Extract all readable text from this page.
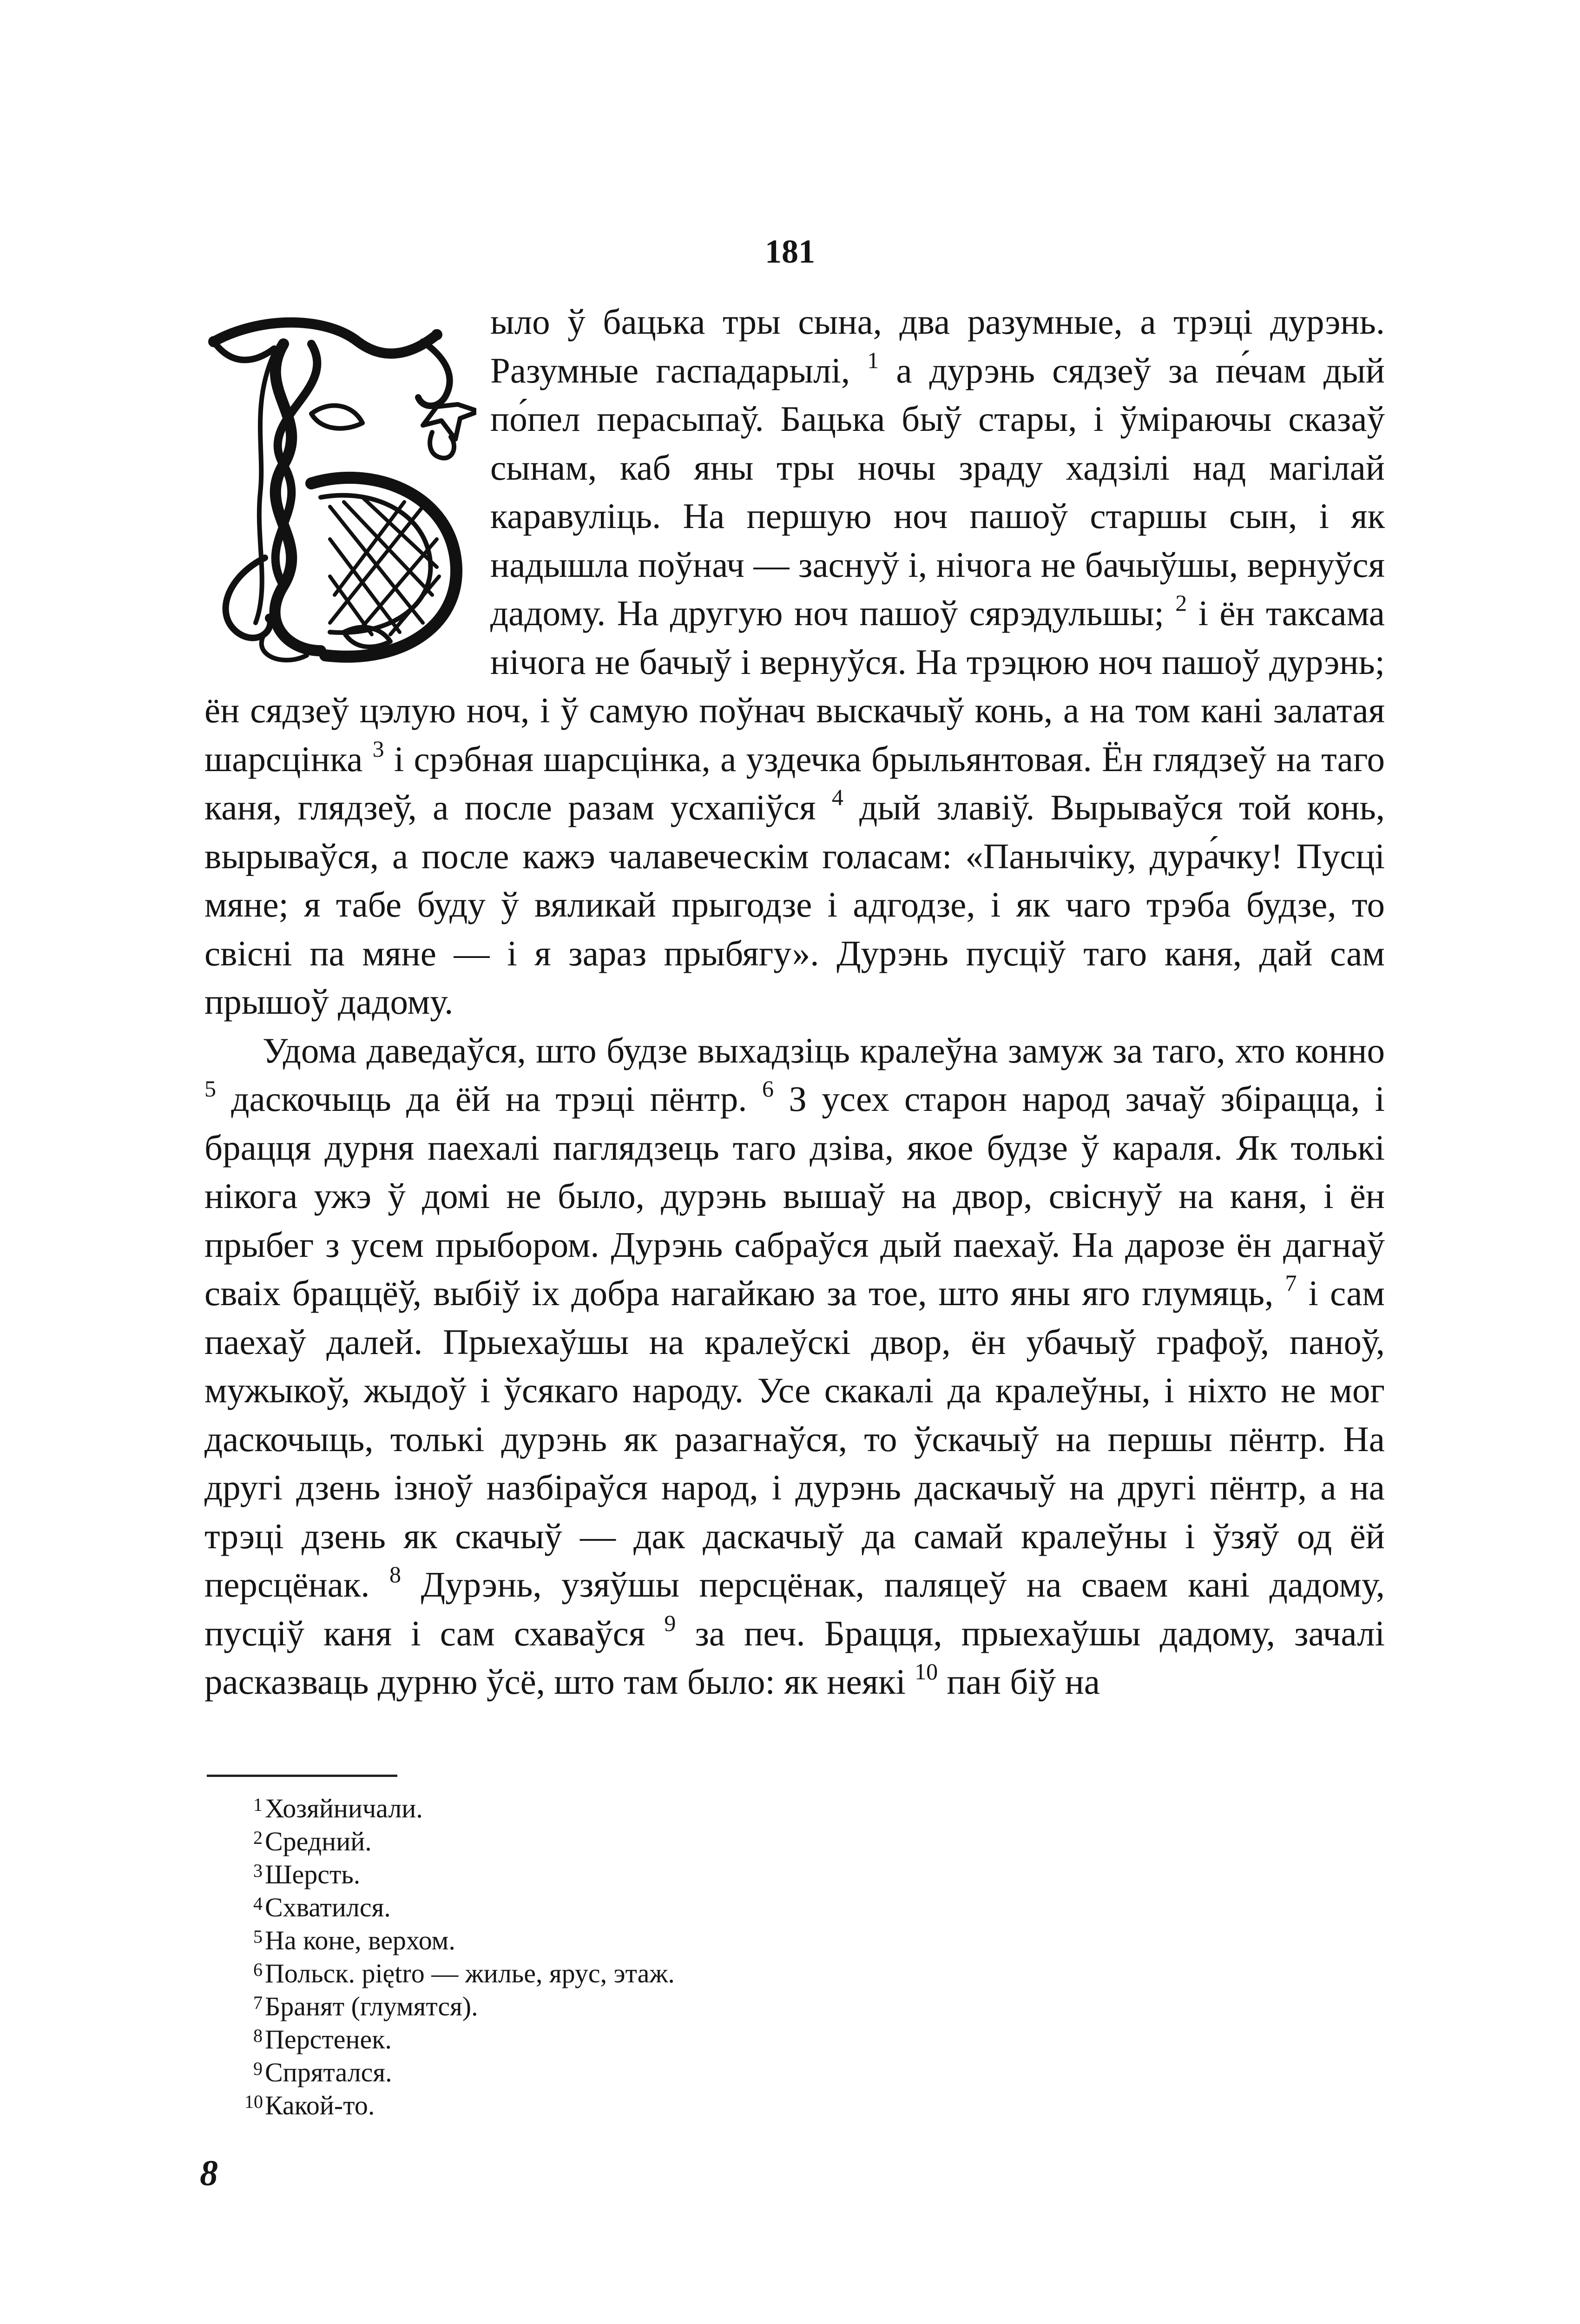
181

ыло ў бацька тры сына, два разумные, а трэці дурэнь. Разумные гаспадарылі, $^1$ а дурэнь сядзеў за пе́чам дый по́пел перасыпаў. Бацька быў стары, і ўміраючы сказаў сынам, каб яны тры ночы зраду хадзілі над магілай каравуліць. На першую ноч пашоў старшы сын, і як надышла поўнач — заснуў і, нічога не бачыўшы, вернуўся дадому. На другую ноч пашоў сярэдульшы; $^2$ і ён таксама нічога не бачыў і вернуўся. На трэцюю ноч пашоў дурэнь; ён сядзеў цэлую ноч, і ў самую поўнач выскачыў конь, а на том кані залатая шарсцінка $^3$ і срэбная шарсцінка, а уздечка брыльянтовая. Ён глядзеў на таго каня, глядзеў, а после разам усхапіўся $^4$ дый злавіў. Вырываўся той конь, вырываўся, а после кажэ чалавеческім голасам: «Панычіку, дура́чку! Пусці мяне; я табе буду ў вяликай прыгодзе і адгодзе, і як чаго трэба будзе, то свісні па мяне — і я зараз прыбягу». Дурэнь пусціў таго каня, дай сам прышоў дадому.

Удома даведаўся, што будзе выхадзіць кралеўна замуж за таго, хто конно $^5$ даскочыць да ёй на трэці пёнтр. $^6$ З усех старон народ зачаў збірацца, і брацця дурня паехалі паглядзець таго дзіва, якое будзе ў караля. Як толькі нікога ужэ ў домі не было, дурэнь вышаў на двор, свіснуў на каня, і ён прыбег з усем прыбором. Дурэнь сабраўся дый паехаў. На дарозе ён дагнаў сваіх браццёў, выбіў іх добра нагайкаю за тое, што яны яго глумяць, $^7$ і сам паехаў далей. Прыехаўшы на кралеўскі двор, ён убачыў графоў, паноў, мужыкоў, жыдоў і ўсякаго народу. Усе скакалі да кралеўны, і ніхто не мог даскочыць, толькі дурэнь як разагнаўся, то ўскачыў на першы пёнтр. На другі дзень ізноў назбіраўся народ, і дурэнь даскачыў на другі пёнтр, а на трэці дзень як скачыў — дак даскачыў да самай кралеўны і ўзяў од ёй персцёнак. $^8$ Дурэнь, узяўшы персцёнак, паляцеў на сваем кані дадому, пусціў каня і сам схаваўся $^9$ за печ. Брацця, прыехаўшы дадому, зачалі расказваць дурню ўсё, што там было: як неякі $^{10}$ пан біў на

1 Хозяйничали.
2 Средний.
3 Шерсть.
4 Схватился.
5 На коне, верхом.
6 Польск. piętro — жилье, ярус, этаж.
7 Бранят (глумятся).
8 Перстенек.
9 Спрятался.
10 Какой-то.
8
